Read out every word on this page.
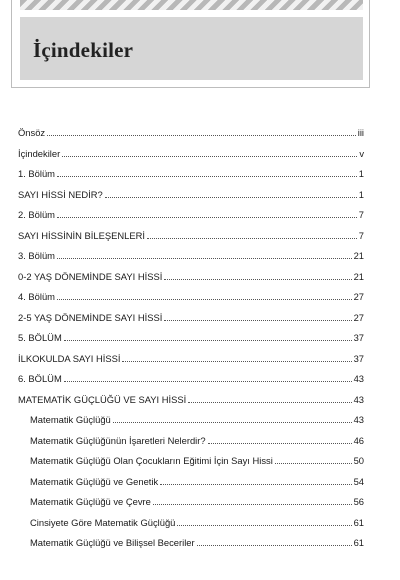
İçindekiler
Önsöz	iii
İçindekiler	v
1. Bölüm	1
SAYI HİSSİ NEDİR?	1
2. Bölüm	7
SAYI HİSSİNİN BİLEŞENLERİ	7
3. Bölüm	21
0-2 YAŞ DÖNEMİNDE SAYI HİSSİ	21
4. Bölüm	27
2-5 YAŞ DÖNEMİNDE SAYI HİSSİ	27
5. BÖLÜM	37
İLKOKULDA SAYI HİSSİ	37
6. BÖLÜM	43
MATEMATİK GÜÇLÜĞÜ VE SAYI HİSSİ	43
Matematik Güçlüğü	43
Matematik Güçlüğünün İşaretleri Nelerdir?	46
Matematik Güçlüğü Olan Çocukların Eğitimi İçin Sayı Hissi	50
Matematik Güçlüğü ve Genetik	54
Matematik Güçlüğü ve Çevre	56
Cinsiyete Göre Matematik Güçlüğü	61
Matematik Güçlüğü ve Bilişsel Beceriler	61
